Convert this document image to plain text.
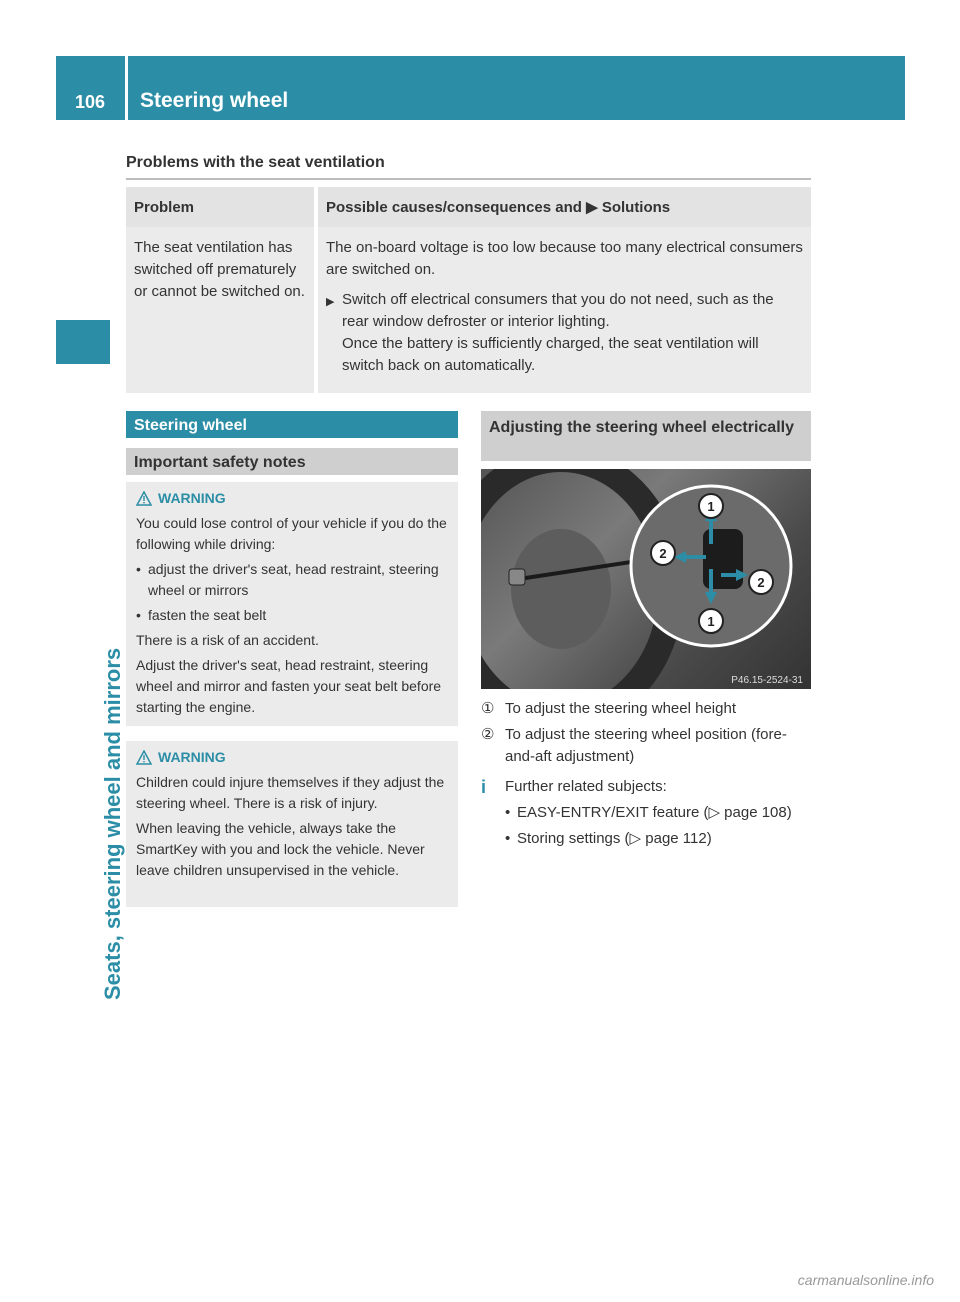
106	Steering wheel
Seats, steering wheel and mirrors
Problems with the seat ventilation
Problem	Possible causes/consequences and ▶ Solutions
The seat ventilation has switched off prematurely or cannot be switched on.	The on-board voltage is too low because too many electrical consumers are switched on.
▶ Switch off electrical consumers that you do not need, such as the rear window defroster or interior lighting.
Once the battery is sufficiently charged, the seat ventilation will switch back on automatically.
Steering wheel
Important safety notes
WARNING
You could lose control of your vehicle if you do the following while driving:
• adjust the driver's seat, head restraint, steering wheel or mirrors
• fasten the seat belt
There is a risk of an accident.
Adjust the driver's seat, head restraint, steering wheel and mirror and fasten your seat belt before starting the engine.
WARNING
Children could injure themselves if they adjust the steering wheel. There is a risk of injury.
When leaving the vehicle, always take the SmartKey with you and lock the vehicle. Never leave children unsupervised in the vehicle.
Adjusting the steering wheel electrically
1
2
2
1
P46.15-2524-31
① To adjust the steering wheel height
② To adjust the steering wheel position (fore-and-aft adjustment)
i	Further related subjects:
• EASY-ENTRY/EXIT feature (▷ page 108)
• Storing settings (▷ page 112)
carmanualsonline.info
